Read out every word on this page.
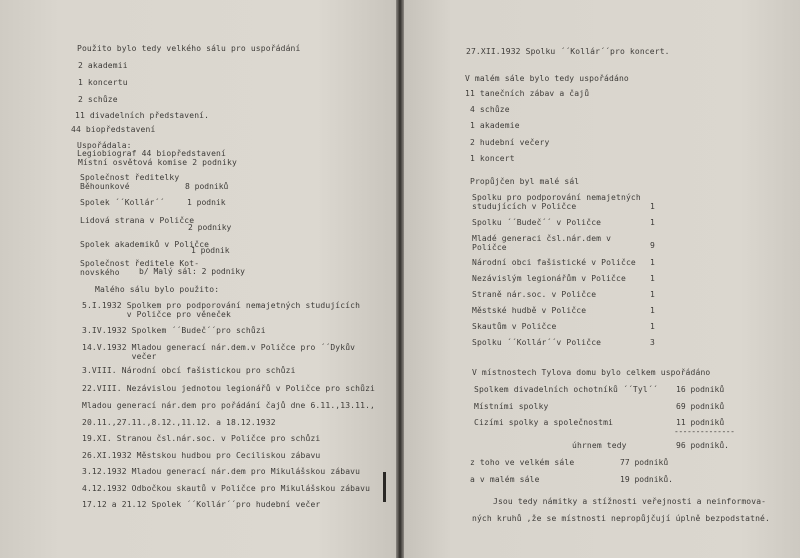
Použito bylo tedy velkého sálu pro uspořádání
2 akademii
1 koncertu
2 schůze
11 divadelních představení.
44 biopředstavení
Uspořádala:
Legiobiograf 44 biopředstavení
Místní osvětová komise 2 podniky
Společnost ředitelky
Běhounkové	8 podniků
Spolek ´´Kollár´´	1 podnik
Lidová strana v Poličce
2 podniky
Spolek akademiků v Poličce
1 podnik
Společnost ředitele Kot-
novského	b/ Malý sál: 2 podniky
Malého sálu bylo použito:
5.I.1932 Spolkem pro podporování nemajetných studujících
v Poličce pro věneček
3.IV.1932 Spolkem ´´Budeč´´pro schůzi
14.V.1932 Mladou generací nár.dem.v Poličce pro ´´Dykův
večer
3.VIII. Národní obcí fašistickou pro schůzi
22.VIII. Nezávislou jednotou legionářů v Poličce pro schůzi
Mladou generací nár.dem pro pořádání čajů dne 6.11.,13.11.,
20.11.,27.11.,8.12.,11.12. a 18.12.1932
19.XI. Stranou čsl.nár.soc. v Poličce pro schůzi
26.XI.1932 Městskou hudbou pro Ceciliskou zábavu
3.12.1932 Mladou generací nár.dem pro Mikulášskou zábavu
4.12.1932 Odbočkou skautů v Poličce pro Mikulášskou zábavu
17.12 a 21.12 Spolek ´´Kollár´´pro hudební večer
27.XII.1932 Spolku ´´Kollár´´pro koncert.
V malém sále bylo tedy uspořádáno
11 tanečních zábav a čajů
4 schůze
1 akademie
2 hudební večery
1 koncert
Propůjčen byl malé sál
Spolku pro podporování nemajetných
studujících v Poličce	1
Spolku ´´Budeč´´ v Poličce	1
Mladé generaci čsl.nár.dem v
Poličce	9
Národní obci fašistické v Poličce 1
Nezávislým legionářům v Poličce	1
Straně nár.soc. v Poličce	1
Městské hudbě v Poličce	1
Skautům v Poličce	1
Spolku ´´Kollár´´v Poličce	3
V místnostech Tylova domu bylo celkem uspořádáno
Spolkem divadelních ochotníků ´´Tyl´´ 16 podniků
Místními spolky	69 podniků
Cizími spolky a společnostmi	11 podniků
--------------
úhrnem tedy	96 podniků.
z toho ve velkém sále	77 podniků
a v malém sále	19 podniků.
Jsou tedy námitky a stížnosti veřejnosti a neinformova-
ných kruhů ,že se místnosti nepropůjčují úplně bezpodstatné.
